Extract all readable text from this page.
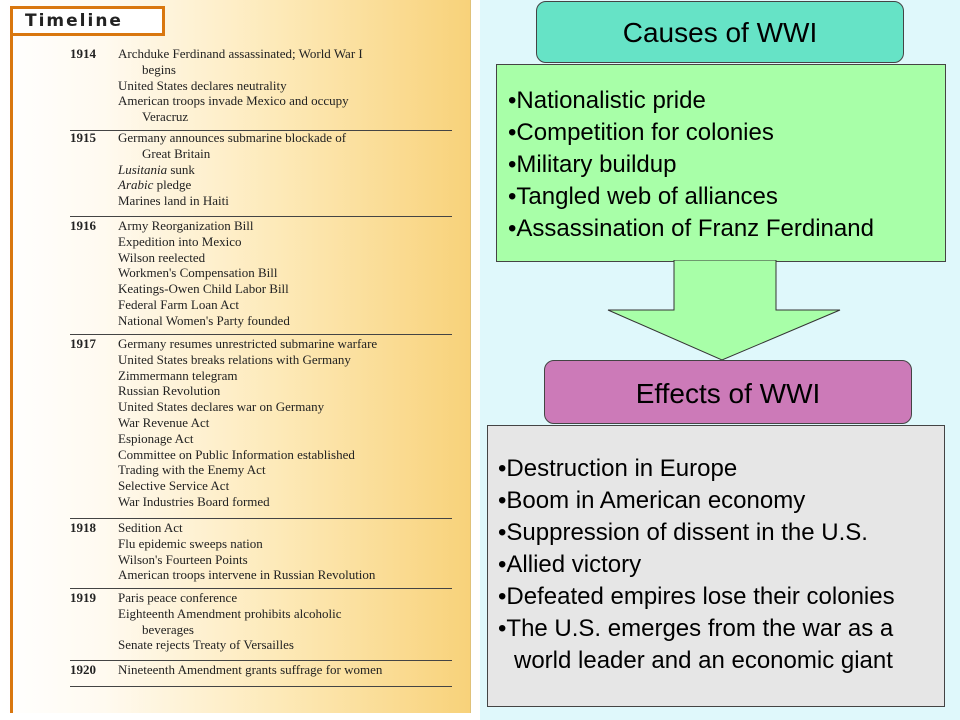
Timeline
1914 Archduke Ferdinand assassinated; World War I
begins
United States declares neutrality
American troops invade Mexico and occupy
Veracruz
1915 Germany announces submarine blockade of
Great Britain
Lusitania sunk
Arabic pledge
Marines land in Haiti
1916 Army Reorganization Bill
Expedition into Mexico
Wilson reelected
Workmen's Compensation Bill
Keatings-Owen Child Labor Bill
Federal Farm Loan Act
National Women's Party founded
1917 Germany resumes unrestricted submarine warfare
United States breaks relations with Germany
Zimmermann telegram
Russian Revolution
United States declares war on Germany
War Revenue Act
Espionage Act
Committee on Public Information established
Trading with the Enemy Act
Selective Service Act
War Industries Board formed
1918 Sedition Act
Flu epidemic sweeps nation
Wilson's Fourteen Points
American troops intervene in Russian Revolution
1919 Paris peace conference
Eighteenth Amendment prohibits alcoholic
beverages
Senate rejects Treaty of Versailles
1920 Nineteenth Amendment grants suffrage for women
Causes of WWI
•Nationalistic pride
•Competition for colonies
•Military buildup
•Tangled web of alliances
•Assassination of Franz Ferdinand
Effects of WWI
•Destruction in Europe
•Boom in American economy
•Suppression of dissent in the U.S.
•Allied victory
•Defeated empires lose their colonies
•The U.S. emerges from the war as a
world leader and an economic giant
